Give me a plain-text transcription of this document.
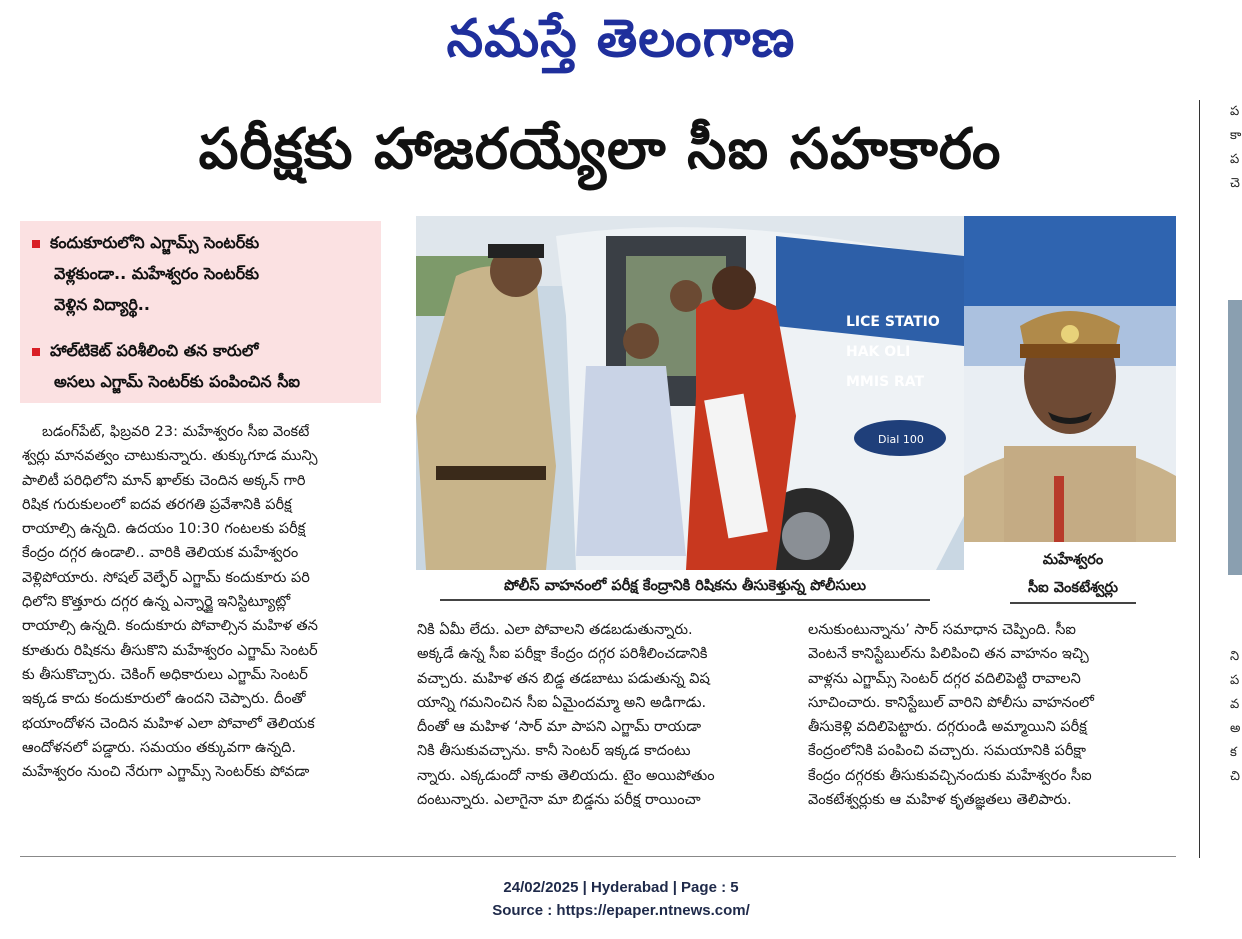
నమస్తే తెలంగాణ
పరీక్షకు హాజరయ్యేలా సీఐ సహకారం
కందుకూరులోని ఎగ్జామ్స్ సెంటర్‌కు
వెళ్లకుండా.. మహేశ్వరం సెంటర్‌కు
వెళ్లిన విద్యార్థి..
హాల్‌టికెట్ పరిశీలించి తన కారులో
అసలు ఎగ్జామ్ సెంటర్‌కు పంపించిన సీఐ

బడంగ్‌పేట్, ఫిబ్రవరి 23: మహేశ్వరం సీఐ వెంకటే

శ్వర్లు మానవత్వం చాటుకున్నారు. తుక్కుగూడ మున్సి

పాలిటీ పరిధిలోని మాన్ ఖాల్‌కు చెందిన అక్కన్ గారి

రిషిక గురుకులంలో ఐదవ తరగతి ప్రవేశానికి పరీక్ష

రాయాల్సి ఉన్నది. ఉదయం 10:30 గంటలకు పరీక్ష

కేంద్రం దగ్గర ఉండాలి.. వారికి తెలియక మహేశ్వరం

వెళ్లిపోయారు. సోషల్ వెల్ఫేర్ ఎగ్జామ్ కందుకూరు పరి

ధిలోని కొత్తూరు దగ్గర ఉన్న ఎన్నార్జై ఇనిస్టిట్యూట్లో

రాయాల్సి ఉన్నది. కందుకూరు పోవాల్సిన మహిళ తన

కూతురు రిషికను తీసుకొని మహేశ్వరం ఎగ్జామ్ సెంటర్

కు తీసుకొచ్చారు. చెకింగ్ అధికారులు ఎగ్జామ్ సెంటర్

ఇక్కడ కాదు కందుకూరులో ఉందని చెప్పారు. దీంతో

భయాందోళన చెందిన మహిళ ఎలా పోవాలో తెలియక

ఆందోళనలో పడ్డారు. సమయం తక్కువగా ఉన్నది.

మహేశ్వరం నుంచి నేరుగా ఎగ్జామ్స్ సెంటర్‌కు పోవడా

LICE STATIO
HAK OLI
MMIS RAT
Dial 100
మహేశ్వరం
సీఐ వెంకటేశ్వర్లు
పోలీస్ వాహనంలో పరీక్ష కేంద్రానికి రిషికను తీసుకెళ్తున్న పోలీసులు

నికి ఏమీ లేదు. ఎలా పోవాలని తడబడుతున్నారు.

అక్కడే ఉన్న సీఐ పరీక్షా కేంద్రం దగ్గర పరిశీలించడానికి

వచ్చారు. మహిళ తన బిడ్డ తడబాటు పడుతున్న విష

యాన్ని గమనించిన సీఐ ఏమైందమ్మా అని అడిగాడు.

దీంతో ఆ మహిళ ‘సార్ మా పాపని ఎగ్జామ్ రాయడా

నికి తీసుకువచ్చాను. కానీ సెంటర్ ఇక్కడ కాదంటు

న్నారు. ఎక్కడుందో నాకు తెలియదు. టైం అయిపోతుం

దంటున్నారు. ఎలాగైనా మా బిడ్డను పరీక్ష రాయించా

లనుకుంటున్నాను’ సార్ సమాధాన చెప్పింది. సీఐ

వెంటనే కానిస్టేబుల్‌ను పిలిపించి తన వాహనం ఇచ్చి

వాళ్లను ఎగ్జామ్స్ సెంటర్ దగ్గర వదిలిపెట్టి రావాలని

సూచించారు. కానిస్టేబుల్ వారిని పోలీసు వాహనంలో

తీసుకెళ్లి వదిలిపెట్టారు. దగ్గరుండి అమ్మాయిని పరీక్ష

కేంద్రంలోనికి పంపించి వచ్చారు. సమయానికి పరీక్షా

కేంద్రం దగ్గరకు తీసుకువచ్చినందుకు మహేశ్వరం సీఐ

వెంకటేశ్వర్లుకు ఆ మహిళ కృతజ్ఞతలు తెలిపారు.

ప
కా
ప
చె
ని
ప
వ
అ
క
చి
24/02/2025 | Hyderabad | Page : 5
Source : https://epaper.ntnews.com/
